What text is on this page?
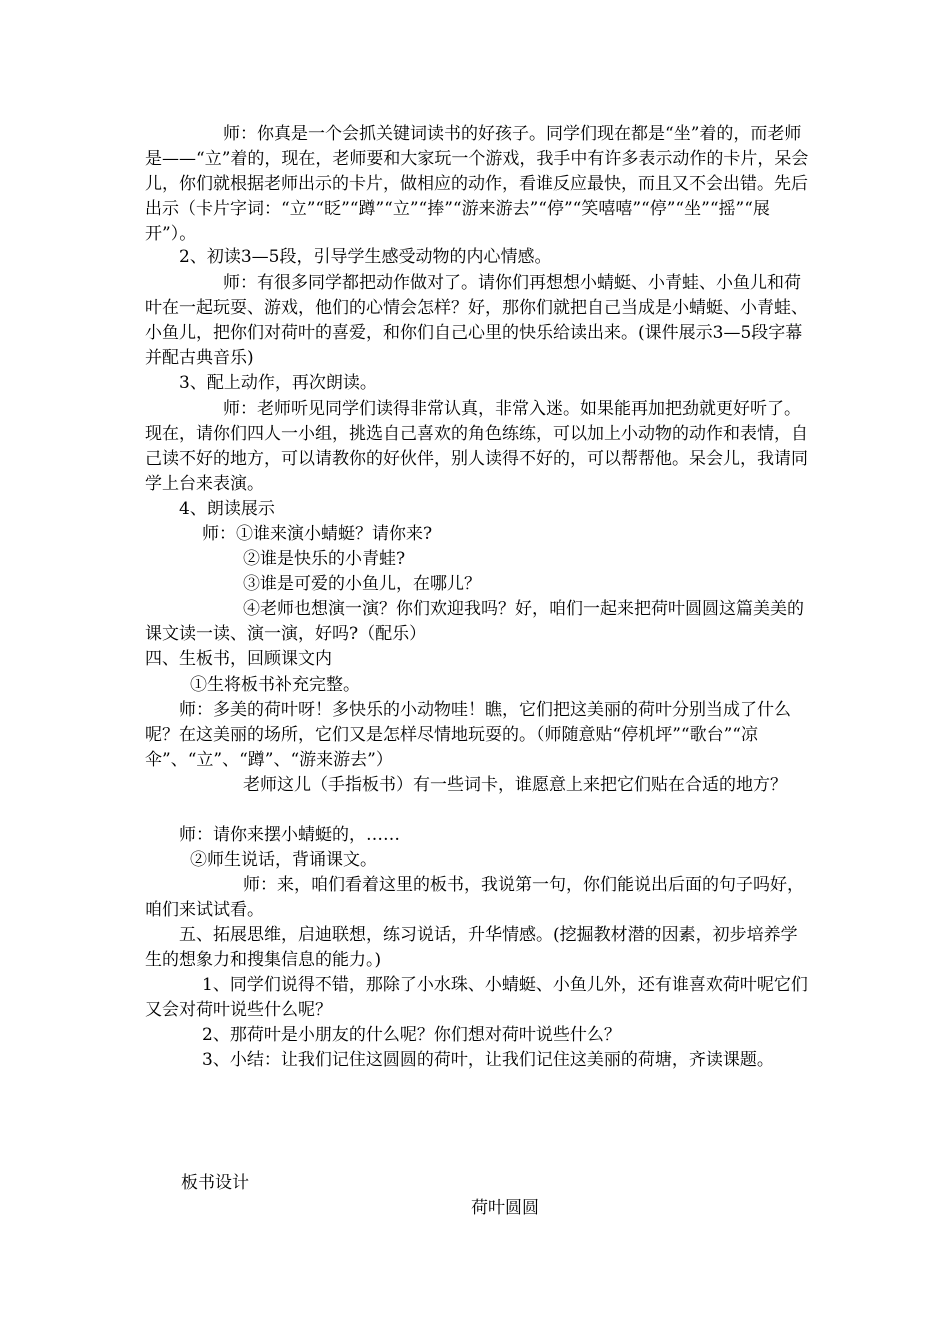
师：你真是一个会抓关键词读书的好孩子。同学们现在都是“坐”着的，而老师是——“立”着的，现在，老师要和大家玩一个游戏，我手中有许多表示动作的卡片，呆会儿，你们就根据老师出示的卡片，做相应的动作，看谁反应最快，而且又不会出错。先后出示（卡片字词：“立”“眨”“蹲”“立”“捧”“游来游去”“停”“笑嘻嘻”“停”“坐”“摇”“展开”）。

2、初读3—5段，引导学生感受动物的内心情感。

师：有很多同学都把动作做对了。请你们再想想小蜻蜓、小青蛙、小鱼儿和荷叶在一起玩耍、游戏，他们的心情会怎样？好，那你们就把自己当成是小蜻蜓、小青蛙、小鱼儿，把你们对荷叶的喜爱，和你们自己心里的快乐给读出来。(课件展示3—5段字幕并配古典音乐)

3、配上动作，再次朗读。

师：老师听见同学们读得非常认真，非常入迷。如果能再加把劲就更好听了。现在，请你们四人一小组，挑选自己喜欢的角色练练，可以加上小动物的动作和表情，自己读不好的地方，可以请教你的好伙伴，别人读得不好的，可以帮帮他。呆会儿，我请同学上台来表演。

4、朗读展示

师：①谁来演小蜻蜓？请你来?

②谁是快乐的小青蛙?

③谁是可爱的小鱼儿，在哪儿？

④老师也想演一演？你们欢迎我吗？好，咱们一起来把荷叶圆圆这篇美美的课文读一读、演一演，好吗?（配乐）

四、生板书，回顾课文内

①生将板书补充完整。

师：多美的荷叶呀！多快乐的小动物哇！瞧，它们把这美丽的荷叶分别当成了什么呢？在这美丽的场所，它们又是怎样尽情地玩耍的。（师随意贴“停机坪”“歌台”“凉伞”、“立”、“蹲”、“游来游去”）

老师这儿（手指板书）有一些词卡，谁愿意上来把它们贴在合适的地方？

师：请你来摆小蜻蜓的，……

②师生说话，背诵课文。

师：来，咱们看着这里的板书，我说第一句，你们能说出后面的句子吗好，咱们来试试看。

五、拓展思维，启迪联想，练习说话，升华情感。(挖掘教材潜的因素，初步培养学生的想象力和搜集信息的能力。)

1、同学们说得不错，那除了小水珠、小蜻蜓、小鱼儿外，还有谁喜欢荷叶呢它们又会对荷叶说些什么呢？

2、那荷叶是小朋友的什么呢？你们想对荷叶说些什么？

3、小结：让我们记住这圆圆的荷叶，让我们记住这美丽的荷塘，齐读课题。

板书设计

荷叶圆圆
